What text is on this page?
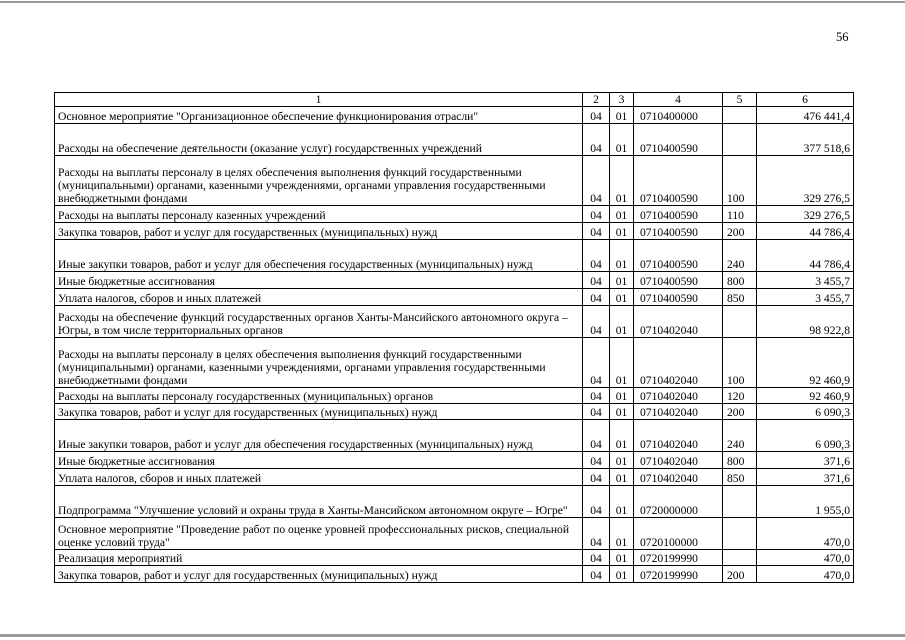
56
1	2	3	4	5	6
Основное мероприятие "Организационное обеспечение функционирования отрасли"	04	01	0710400000		476 441,4
Расходы на обеспечение деятельности (оказание услуг) государственных учреждений	04	01	0710400590		377 518,6
Расходы на выплаты персоналу в целях обеспечения выполнения функций государственными (муниципальными) органами, казенными учреждениями, органами управления государственными внебюджетными фондами	04	01	0710400590	100	329 276,5
Расходы на выплаты персоналу казенных учреждений	04	01	0710400590	110	329 276,5
Закупка товаров, работ и услуг для государственных (муниципальных) нужд	04	01	0710400590	200	44 786,4
Иные закупки товаров, работ и услуг для обеспечения государственных (муниципальных) нужд	04	01	0710400590	240	44 786,4
Иные бюджетные ассигнования	04	01	0710400590	800	3 455,7
Уплата налогов, сборов и иных платежей	04	01	0710400590	850	3 455,7
Расходы на обеспечение функций государственных органов Ханты-Мансийского автономного округа – Югры, в том числе территориальных органов	04	01	0710402040		98 922,8
Расходы на выплаты персоналу в целях обеспечения выполнения функций государственными (муниципальными) органами, казенными учреждениями, органами управления государственными внебюджетными фондами	04	01	0710402040	100	92 460,9
Расходы на выплаты персоналу государственных (муниципальных) органов	04	01	0710402040	120	92 460,9
Закупка товаров, работ и услуг для государственных (муниципальных) нужд	04	01	0710402040	200	6 090,3
Иные закупки товаров, работ и услуг для обеспечения государственных (муниципальных) нужд	04	01	0710402040	240	6 090,3
Иные бюджетные ассигнования	04	01	0710402040	800	371,6
Уплата налогов, сборов и иных платежей	04	01	0710402040	850	371,6
Подпрограмма "Улучшение условий и охраны труда в Ханты-Мансийском автономном округе – Югре"	04	01	0720000000		1 955,0
Основное мероприятие "Проведение работ по оценке уровней профессиональных рисков, специальной оценке условий труда"	04	01	0720100000		470,0
Реализация мероприятий	04	01	0720199990		470,0
Закупка товаров, работ и услуг для государственных (муниципальных) нужд	04	01	0720199990	200	470,0
